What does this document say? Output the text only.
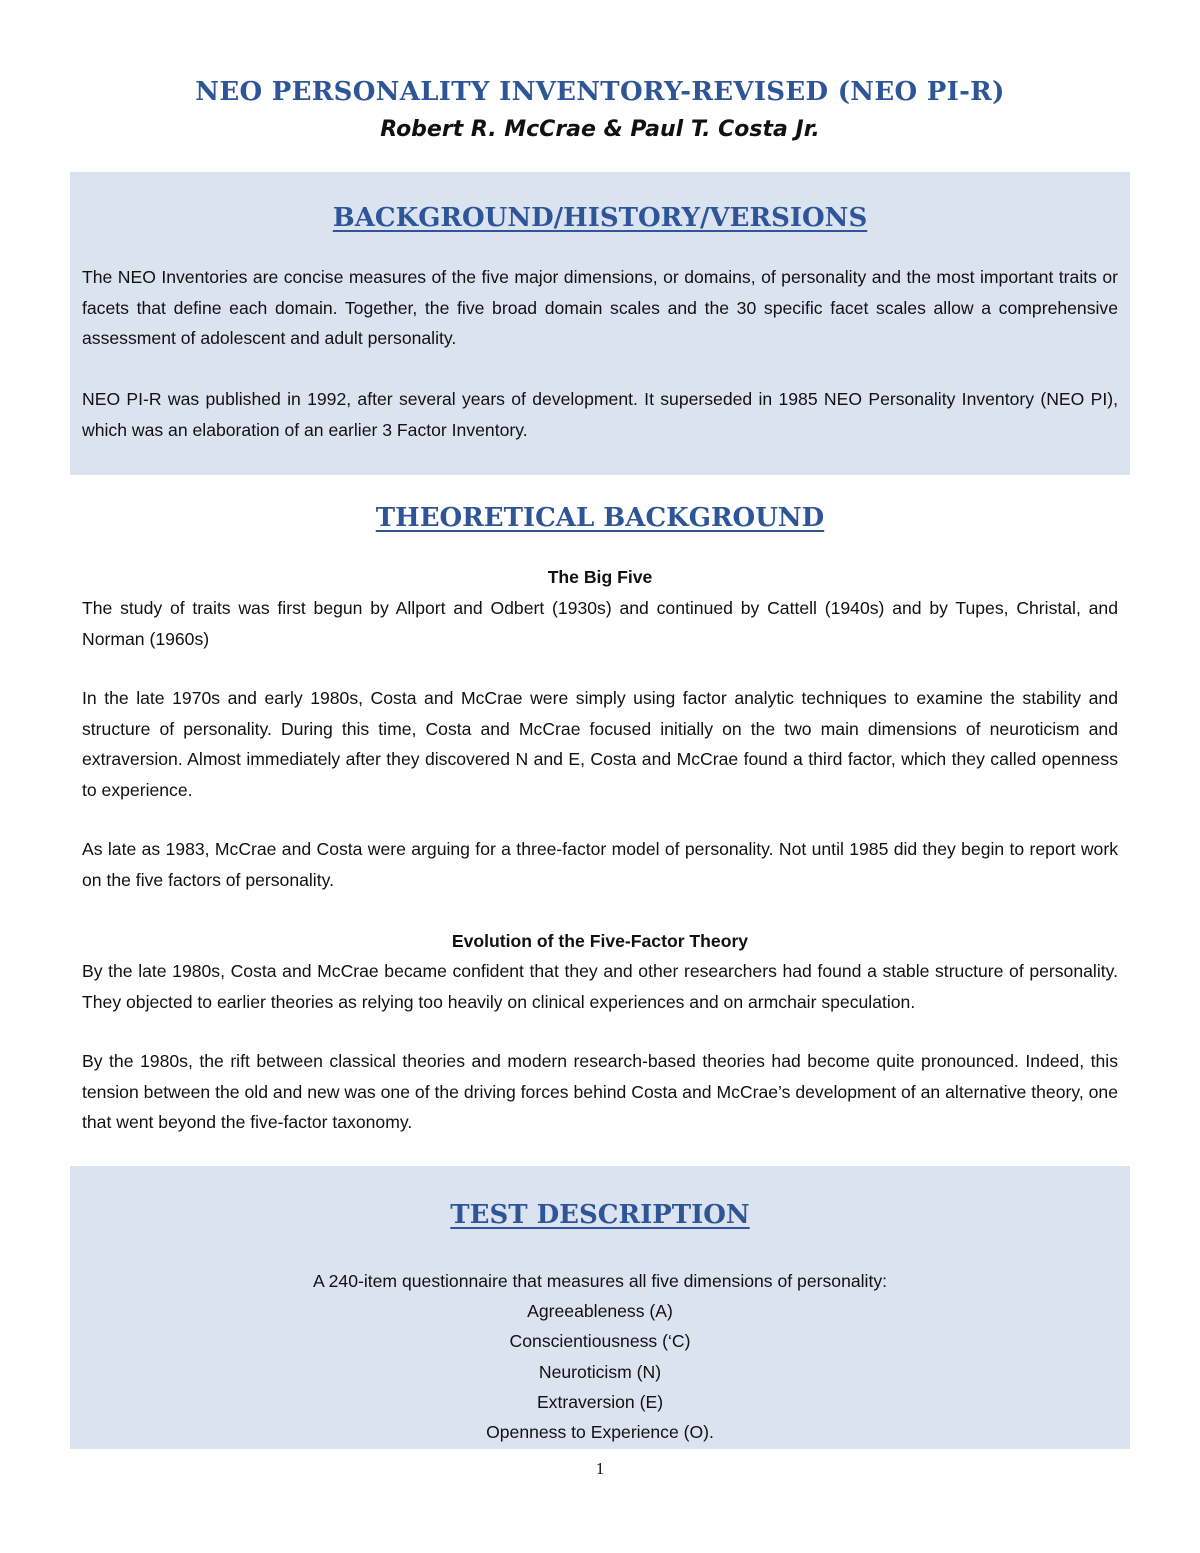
NEO PERSONALITY INVENTORY-REVISED (NEO PI-R)

Robert R. McCrae & Paul T. Costa Jr.

BACKGROUND/HISTORY/VERSIONS

The NEO Inventories are concise measures of the five major dimensions, or domains, of personality and the most important traits or facets that define each domain. Together, the five broad domain scales and the 30 specific facet scales allow a comprehensive assessment of adolescent and adult personality.

NEO PI-R was published in 1992, after several years of development. It superseded in 1985 NEO Personality Inventory (NEO PI), which was an elaboration of an earlier 3 Factor Inventory.

THEORETICAL BACKGROUND

The Big Five

The study of traits was first begun by Allport and Odbert (1930s) and continued by Cattell (1940s) and by Tupes, Christal, and Norman (1960s)

In the late 1970s and early 1980s, Costa and McCrae were simply using factor analytic techniques to examine the stability and structure of personality. During this time, Costa and McCrae focused initially on the two main dimensions of neuroticism and extraversion. Almost immediately after they discovered N and E, Costa and McCrae found a third factor, which they called openness to experience.

As late as 1983, McCrae and Costa were arguing for a three-factor model of personality. Not until 1985 did they begin to report work on the five factors of personality.

Evolution of the Five-Factor Theory

By the late 1980s, Costa and McCrae became confident that they and other researchers had found a stable structure of personality. They objected to earlier theories as relying too heavily on clinical experiences and on armchair speculation.

By the 1980s, the rift between classical theories and modern research-based theories had become quite pronounced. Indeed, this tension between the old and new was one of the driving forces behind Costa and McCrae’s development of an alternative theory, one that went beyond the five-factor taxonomy.

TEST DESCRIPTION

A 240-item questionnaire that measures all five dimensions of personality:

Agreeableness (A)

Conscientiousness (‘C)

Neuroticism (N)

Extraversion (E)

Openness to Experience (O).

1
